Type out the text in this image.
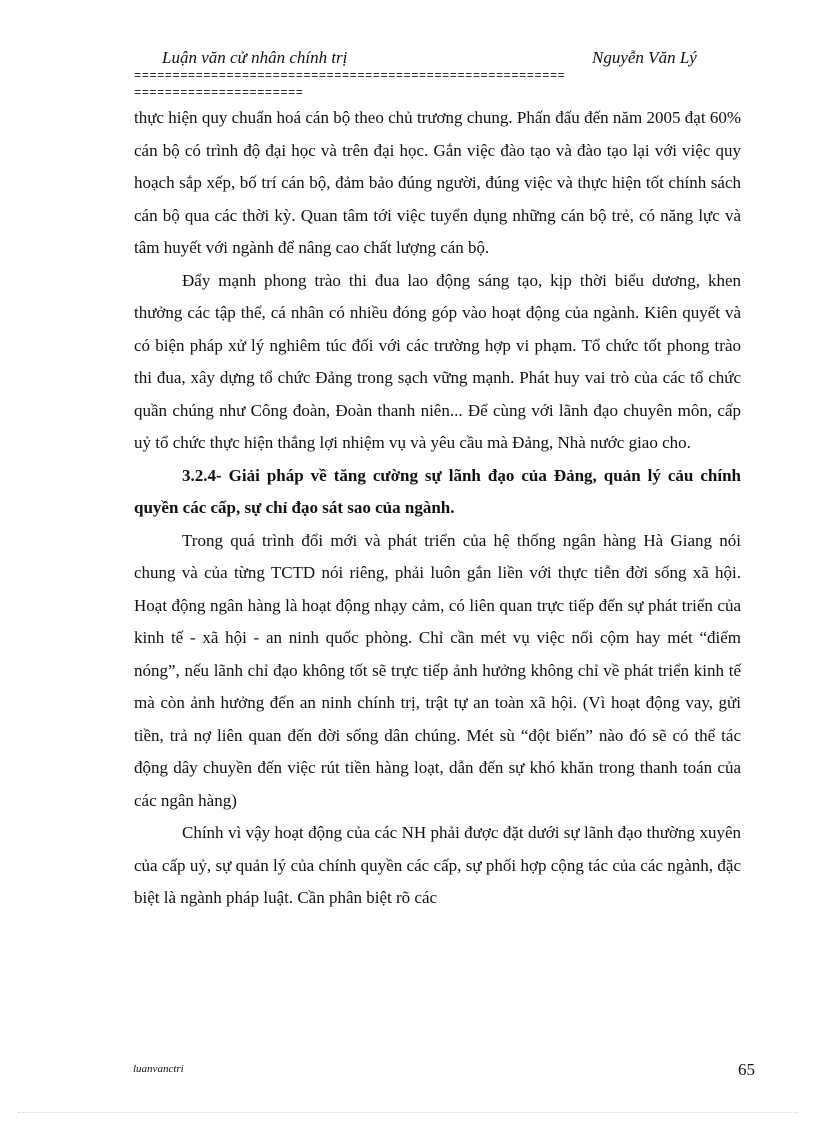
Luận văn cử nhân chính trị	Nguyễn Văn Lý
========================================================
======================

thực hiện quy chuẩn hoá cán bộ theo chủ trương chung. Phấn đấu đến năm 2005 đạt 60% cán bộ có trình độ đại học và trên đại học. Gắn việc đào tạo và đào tạo lại với việc quy hoạch sắp xếp, bố trí cán bộ, đảm bảo đúng người, đúng việc và thực hiện tốt chính sách cán bộ qua các thời kỳ. Quan tâm tới việc tuyển dụng những cán bộ trẻ, có năng lực và tâm huyết với ngành để nâng cao chất lượng cán bộ.

Đẩy mạnh phong trào thi đua lao động sáng tạo, kịp thời biểu dương, khen thưởng các tập thể, cá nhân có nhiều đóng góp vào hoạt động của ngành. Kiên quyết và có biện pháp xử lý nghiêm túc đối với các trường hợp vi phạm. Tổ chức tốt phong trào thi đua, xây dựng tổ chức Đảng trong sạch vững mạnh. Phát huy vai trò của các tổ chức quần chúng như Công đoàn, Đoàn thanh niên... Để cùng với lãnh đạo chuyên môn, cấp uỷ tổ chức thực hiện thắng lợi nhiệm vụ và yêu cầu mà Đảng, Nhà nước giao cho.

3.2.4- Giải pháp về tăng cường sự lãnh đạo của Đảng, quản lý cảu chính quyền các cấp, sự chỉ đạo sát sao của ngành.

Trong quá trình đổi mới và phát triển của hệ thống ngân hàng Hà Giang nói chung và của từng TCTD nói riêng, phải luôn gắn liền với thực tiễn đời sống xã hội. Hoạt động ngân hàng là hoạt động nhạy cảm, có liên quan trực tiếp đến sự phát triển của kinh tế - xã hội - an ninh quốc phòng. Chỉ cần mét vụ việc nổi cộm hay mét “điểm nóng”, nếu lãnh chỉ đạo không tốt sẽ trực tiếp ảnh hưởng không chỉ về phát triển kinh tế mà còn ảnh hưởng đến an ninh chính trị, trật tự an toàn xã hội. (Vì hoạt động vay, gửi tiền, trả nợ liên quan đến đời sống dân chúng. Mét sù “đột biến” nào đó sẽ có thể tác động dây chuyền đến việc rút tiền hàng loạt, dẫn đến sự khó khăn trong thanh toán của các ngân hàng)

Chính vì vậy hoạt động của các NH phải được đặt dưới sự lãnh đạo thường xuyên của cấp uỷ, sự quản lý của chính quyền các cấp, sự phối hợp cộng tác của các ngành, đặc biệt là ngành pháp luật. Cần phân biệt rõ các

luanvanctri	65
